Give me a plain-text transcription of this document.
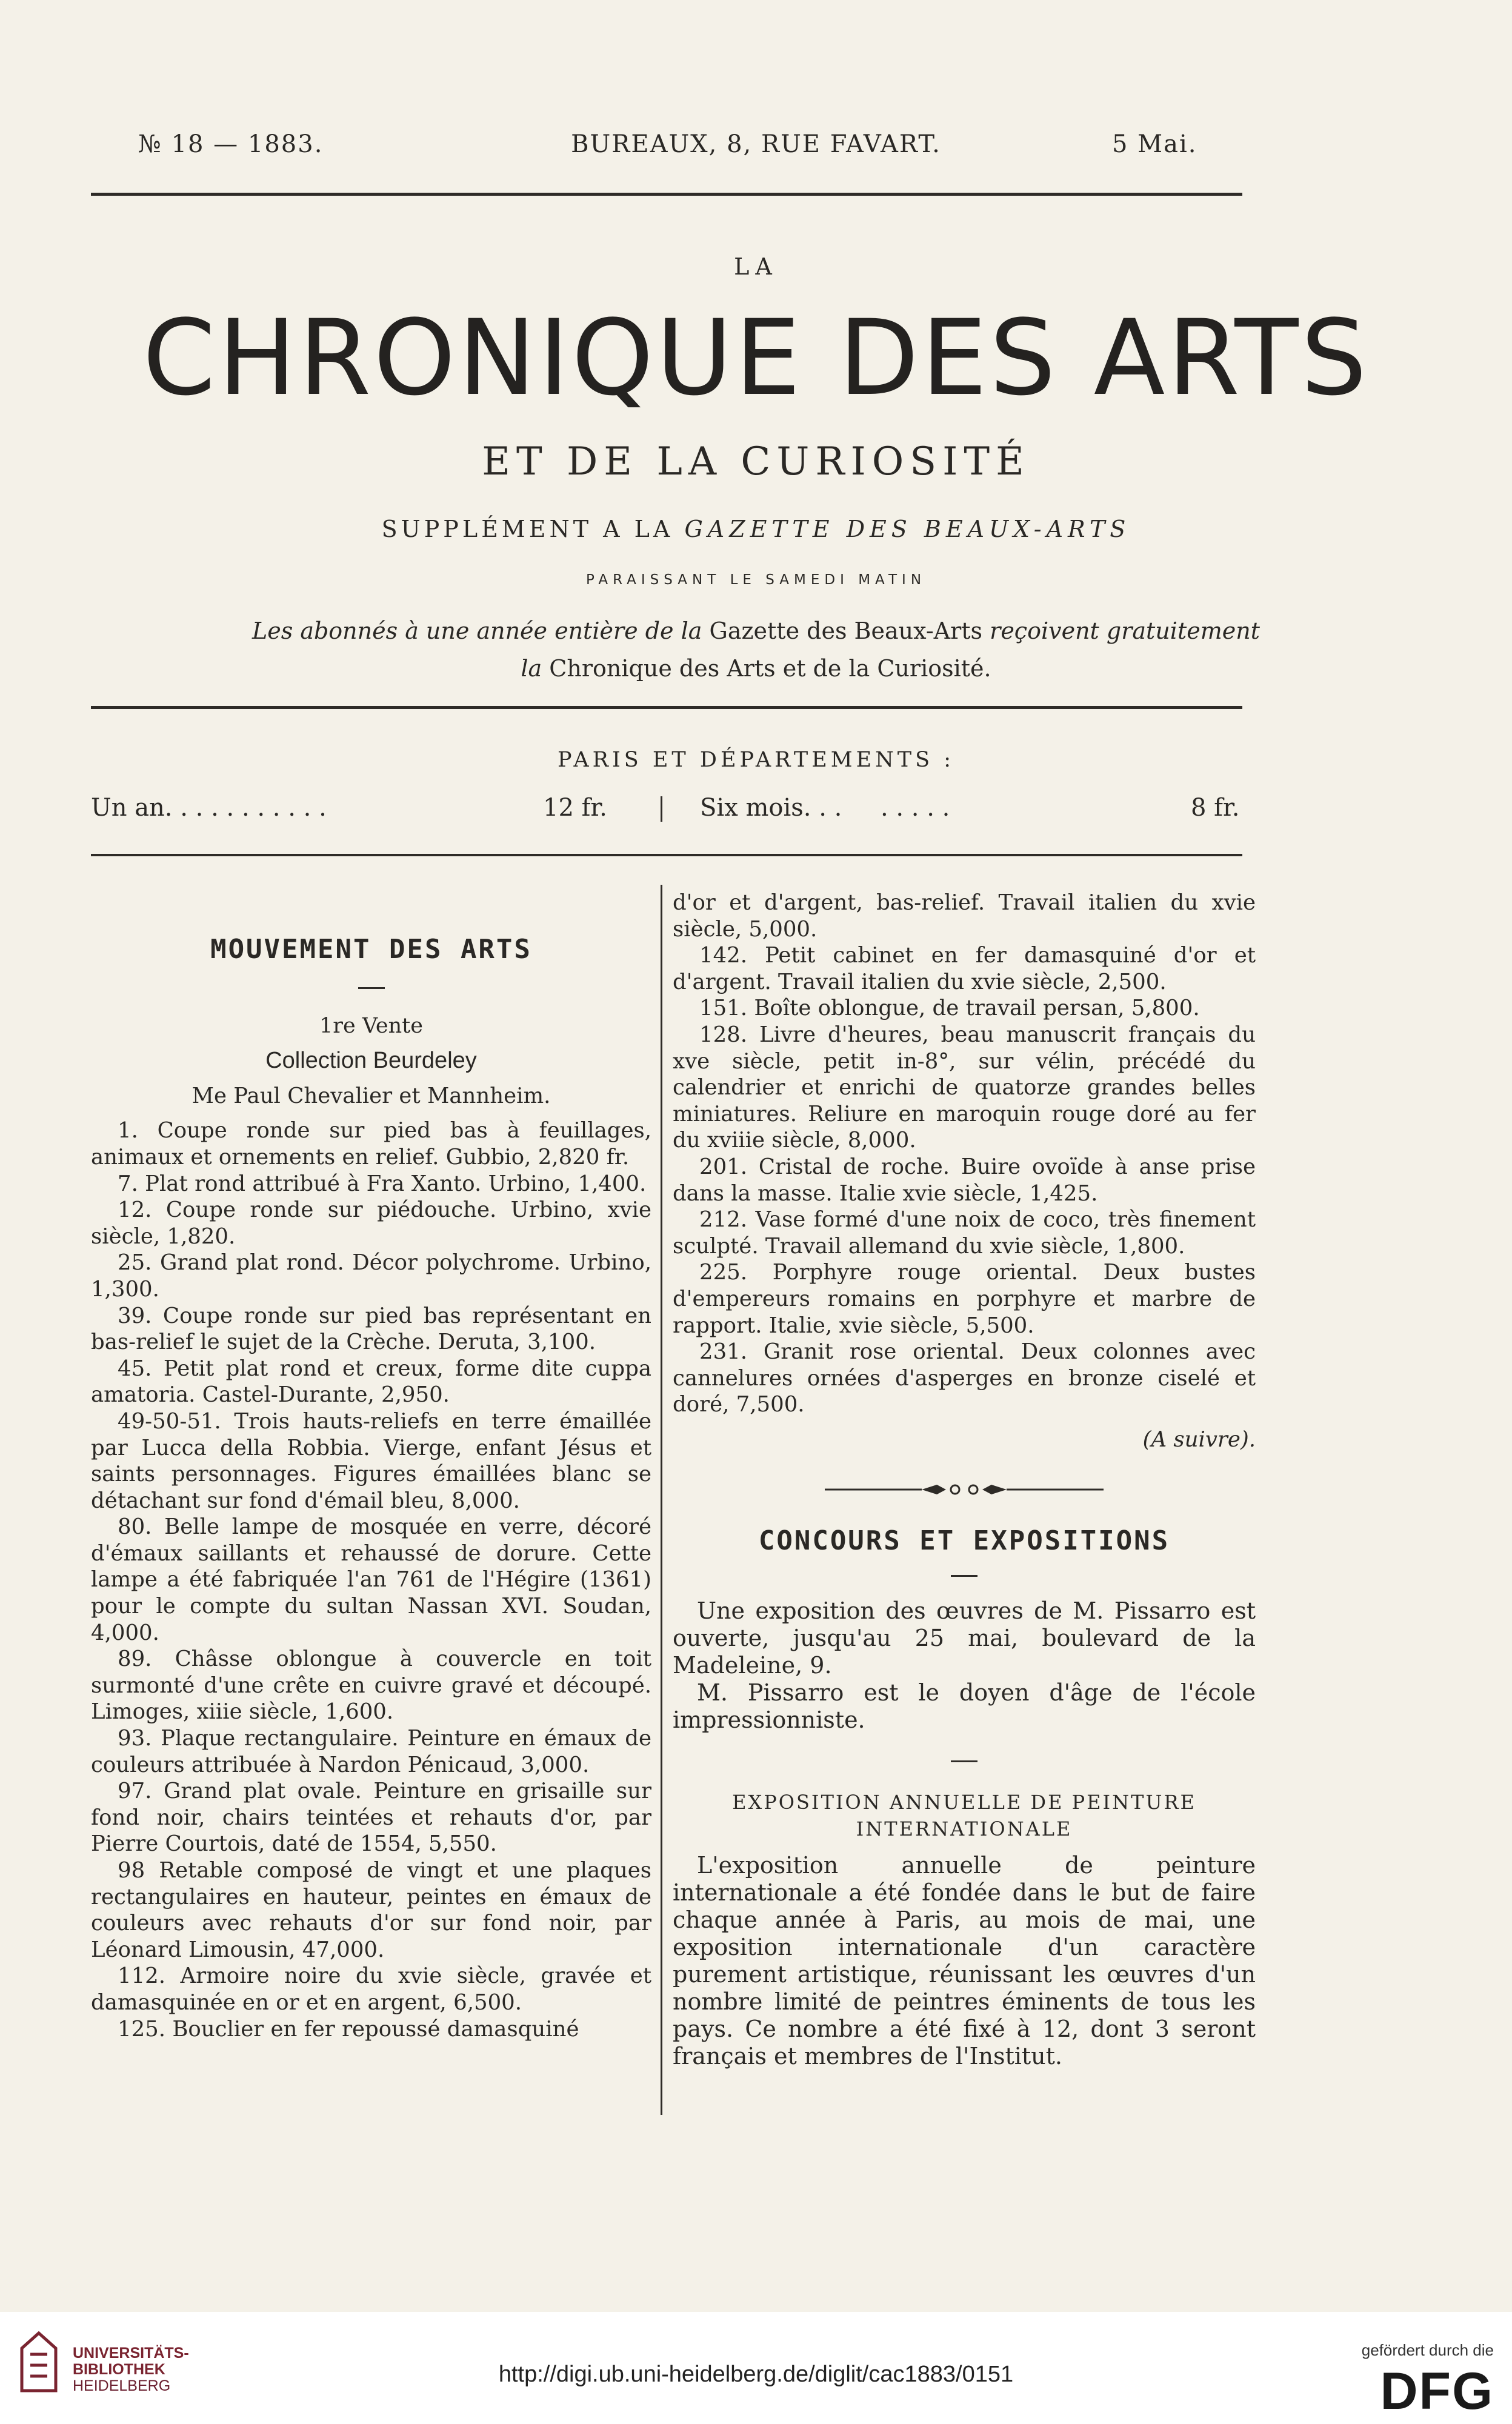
№ 18 — 1883.	BUREAUX, 8, RUE FAVART.	5 Mai.
LA
CHRONIQUE DES ARTS
ET DE LA CURIOSITÉ
SUPPLÉMENT A LA GAZETTE DES BEAUX-ARTS
PARAISSANT LE SAMEDI MATIN
Les abonnés à une année entière de la Gazette des Beaux-Arts reçoivent gratuitement
la Chronique des Arts et de la Curiosité.
PARIS ET DÉPARTEMENTS :
Un an. . . . . . . . . . .	12 fr.	Six mois. . .     . . . . .	8 fr.
MOUVEMENT DES ARTS
1re Vente
Collection Beurdeley

Me Paul Chevalier et Mannheim.

1. Coupe ronde sur pied bas à feuillages, animaux et ornements en relief. Gubbio, 2,820 fr.

7. Plat rond attribué à Fra Xanto. Urbino, 1,400.

12. Coupe ronde sur piédouche. Urbino, xvie siècle, 1,820.

25. Grand plat rond. Décor polychrome. Urbino, 1,300.

39. Coupe ronde sur pied bas représentant en bas-relief le sujet de la Crèche. Deruta, 3,100.

45. Petit plat rond et creux, forme dite cuppa amatoria. Castel-Durante, 2,950.

49-50-51. Trois hauts-reliefs en terre émaillée par Lucca della Robbia. Vierge, enfant Jésus et saints personnages. Figures émaillées blanc se détachant sur fond d'émail bleu, 8,000.

80. Belle lampe de mosquée en verre, décoré d'émaux saillants et rehaussé de dorure. Cette lampe a été fabriquée l'an 761 de l'Hégire (1361) pour le compte du sultan Nassan XVI. Soudan, 4,000.

89. Châsse oblongue à couvercle en toit surmonté d'une crête en cuivre gravé et découpé. Limoges, xiiie siècle, 1,600.

93. Plaque rectangulaire. Peinture en émaux de couleurs attribuée à Nardon Pénicaud, 3,000.

97. Grand plat ovale. Peinture en grisaille sur fond noir, chairs teintées et rehauts d'or, par Pierre Courtois, daté de 1554, 5,550.

98 Retable composé de vingt et une plaques rectangulaires en hauteur, peintes en émaux de couleurs avec rehauts d'or sur fond noir, par Léonard Limousin, 47,000.

112. Armoire noire du xvie siècle, gravée et damasquinée en or et en argent, 6,500.

125. Bouclier en fer repoussé damasquiné

d'or et d'argent, bas-relief. Travail italien du xvie siècle, 5,000.

142. Petit cabinet en fer damasquiné d'or et d'argent. Travail italien du xvie siècle, 2,500.

151. Boîte oblongue, de travail persan, 5,800.

128. Livre d'heures, beau manuscrit français du xve siècle, petit in-8°, sur vélin, précédé du calendrier et enrichi de quatorze grandes belles miniatures. Reliure en maroquin rouge doré au fer du xviiie siècle, 8,000.

201. Cristal de roche. Buire ovoïde à anse prise dans la masse. Italie xvie siècle, 1,425.

212. Vase formé d'une noix de coco, très finement sculpté. Travail allemand du xvie siècle, 1,800.

225. Porphyre rouge oriental. Deux bustes d'empereurs romains en porphyre et marbre de rapport. Italie, xvie siècle, 5,500.

231. Granit rose oriental. Deux colonnes avec cannelures ornées d'asperges en bronze ciselé et doré, 7,500.

(A suivre).

CONCOURS ET EXPOSITIONS

Une exposition des œuvres de M. Pissarro est ouverte, jusqu'au 25 mai, boulevard de la Madeleine, 9.

M. Pissarro est le doyen d'âge de l'école impressionniste.

EXPOSITION ANNUELLE DE PEINTURE INTERNATIONALE

L'exposition annuelle de peinture internationale a été fondée dans le but de faire chaque année à Paris, au mois de mai, une exposition internationale d'un caractère purement artistique, réunissant les œuvres d'un nombre limité de peintres éminents de tous les pays. Ce nombre a été fixé à 12, dont 3 seront français et membres de l'Institut.

UNIVERSITÄTS-
BIBLIOTHEK
HEIDELBERG	http://digi.ub.uni-heidelberg.de/diglit/cac1883/0151
gefördert durch die
DFG
